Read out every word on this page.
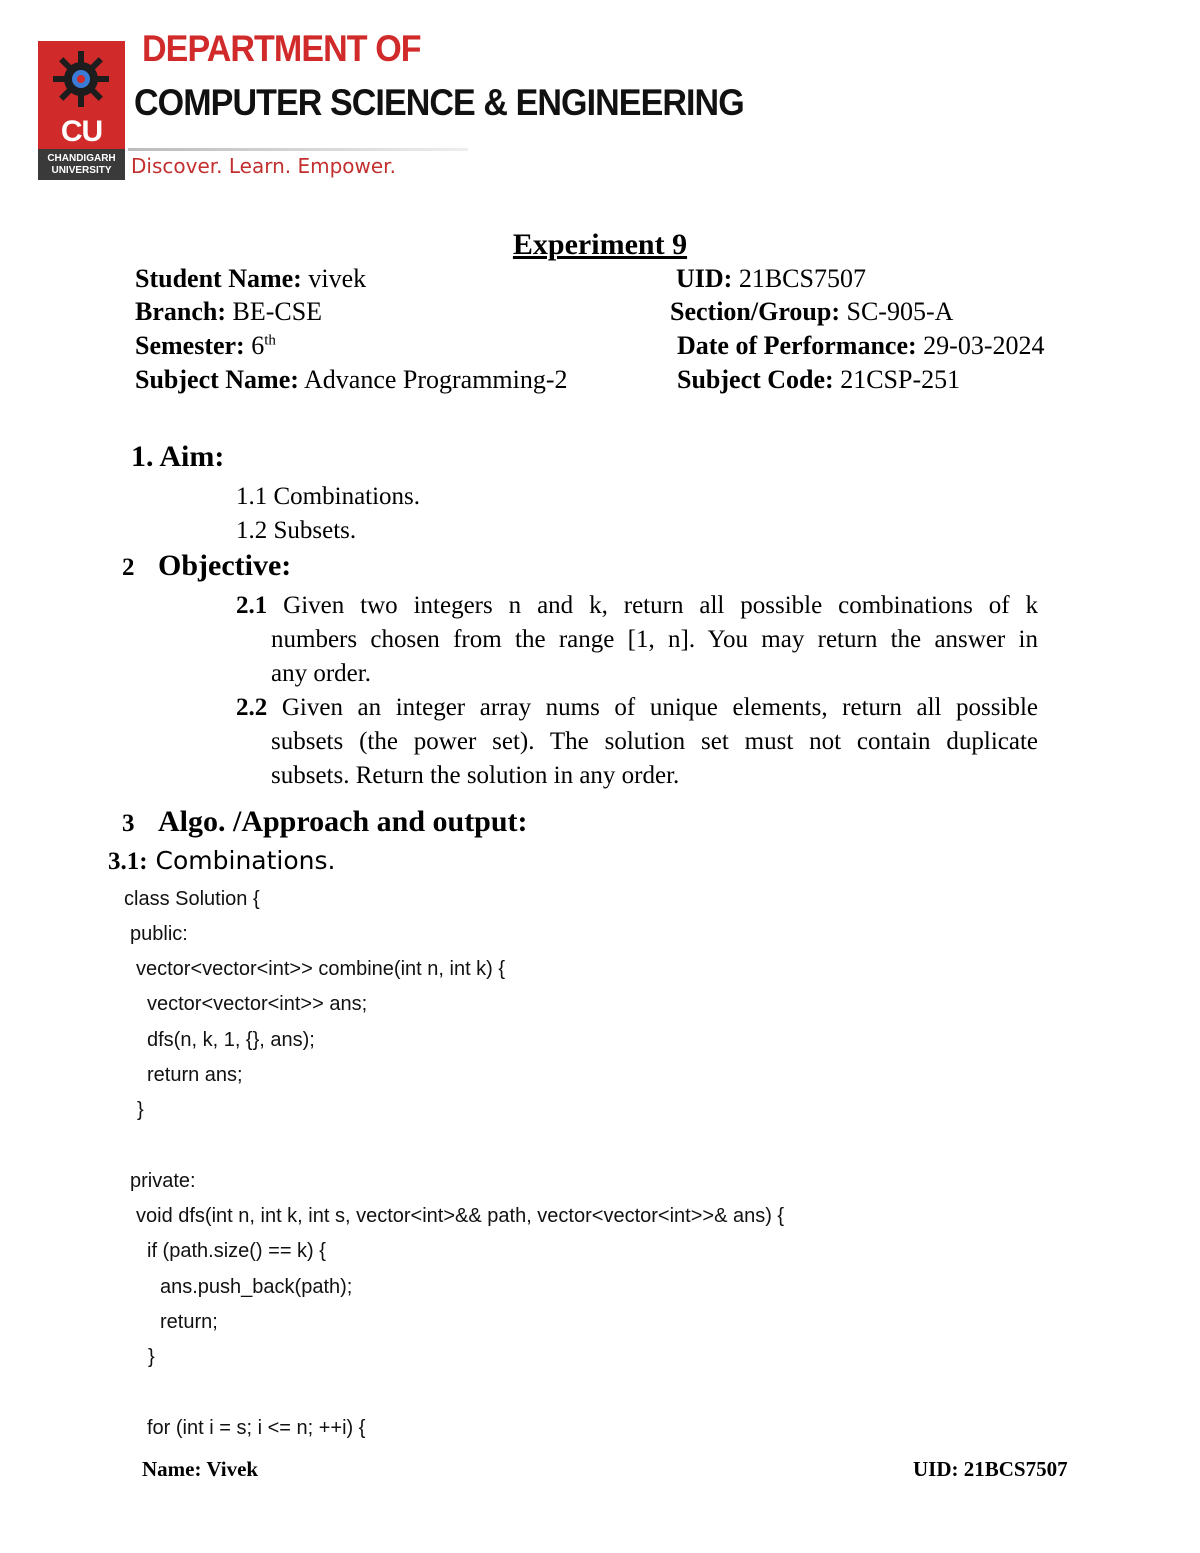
CU
CHANDIGARH
UNIVERSITY
DEPARTMENT OF
COMPUTER SCIENCE & ENGINEERING
Discover. Learn. Empower.
Experiment 9
Student Name: vivek	UID: 21BCS7507
Branch: BE-CSE	Section/Group: SC-905-A
Semester: 6th	Date of Performance: 29-03-2024
Subject Name: Advance Programming-2	Subject Code: 21CSP-251
1. Aim:
1.1 Combinations.
1.2 Subsets.
2 Objective:
2.1 Given two integers n and k, return all possible combinations of k
numbers chosen from the range [1, n]. You may return the answer in
any order.
2.2 Given an integer array nums of unique elements, return all possible
subsets (the power set). The solution set must not contain duplicate
subsets. Return the solution in any order.
3 Algo. /Approach and output:
3.1: Combinations.
class Solution {
public:
vector<vector<int>> combine(int n, int k) {
vector<vector<int>> ans;
dfs(n, k, 1, {}, ans);
return ans;
}
private:
void dfs(int n, int k, int s, vector<int>&& path, vector<vector<int>>& ans) {
if (path.size() == k) {
ans.push_back(path);
return;
}
for (int i = s; i <= n; ++i) {
Name: Vivek	UID: 21BCS7507
